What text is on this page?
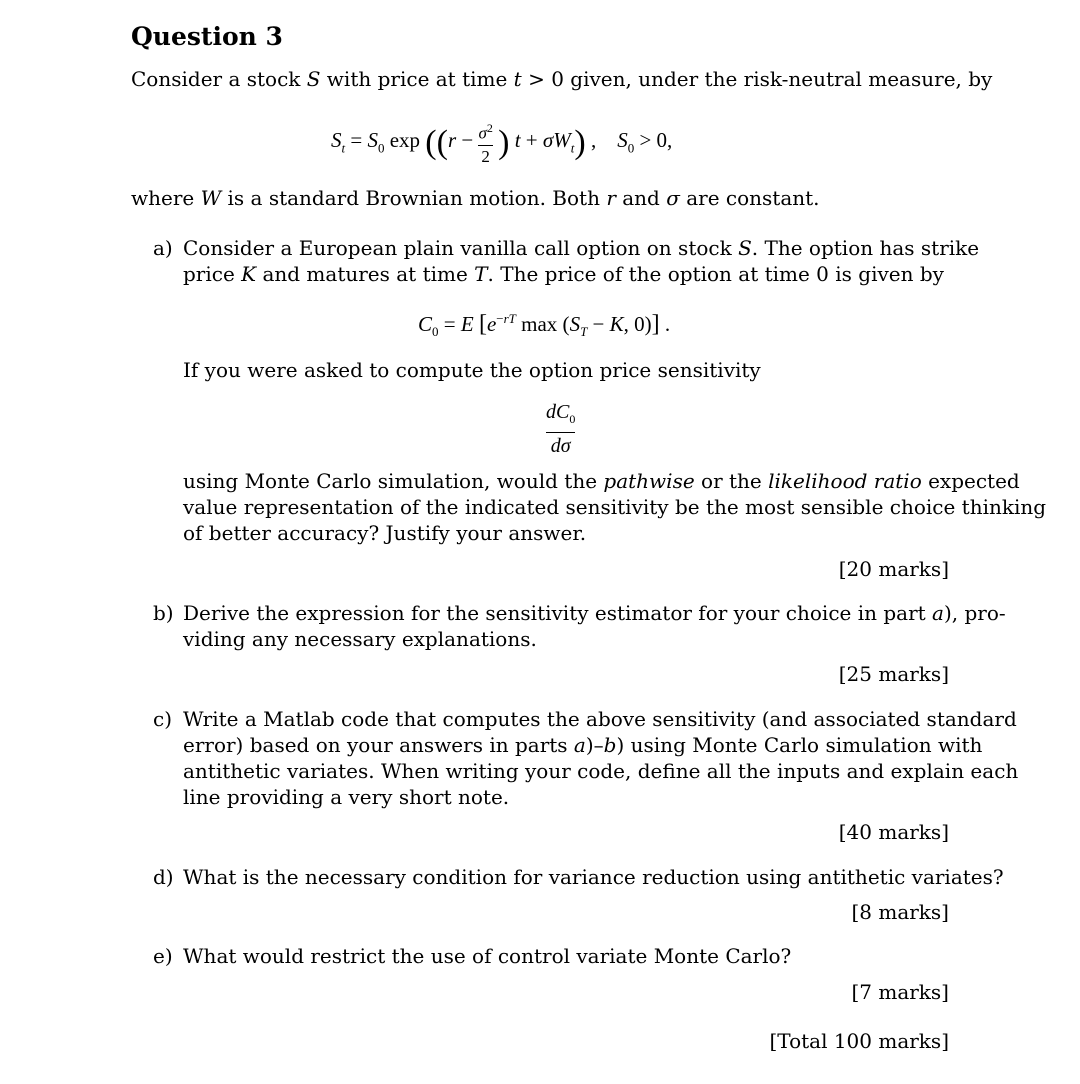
Question 3
Consider a stock S with price at time t > 0 given, under the risk-neutral measure, by
$S_t = S_0$ $\exp ((r - \frac{\sigma^2}{2}$ ) $t + \sigma W_t$) ,    $S_0 > 0$,
where W is a standard Brownian motion. Both r and σ are constant.
a) Consider a European plain vanilla call option on stock S. The option has strike
price K and matures at time T. The price of the option at time 0 is given by
$C_0 = E$ [$e^{-rT}$ $\max (S_T - K$, 0)] .
If you were asked to compute the option price sensitivity
$\frac{dC_0}{d\sigma}$
using Monte Carlo simulation, would the pathwise or the likelihood ratio expected
value representation of the indicated sensitivity be the most sensible choice thinking
of better accuracy? Justify your answer.
[20 marks]
b) Derive the expression for the sensitivity estimator for your choice in part a), pro-
viding any necessary explanations.
[25 marks]
c) Write a Matlab code that computes the above sensitivity (and associated standard
error) based on your answers in parts a)–b) using Monte Carlo simulation with
antithetic variates. When writing your code, define all the inputs and explain each
line providing a very short note.
[40 marks]
d) What is the necessary condition for variance reduction using antithetic variates?
[8 marks]
e) What would restrict the use of control variate Monte Carlo?
[7 marks]
[Total 100 marks]
